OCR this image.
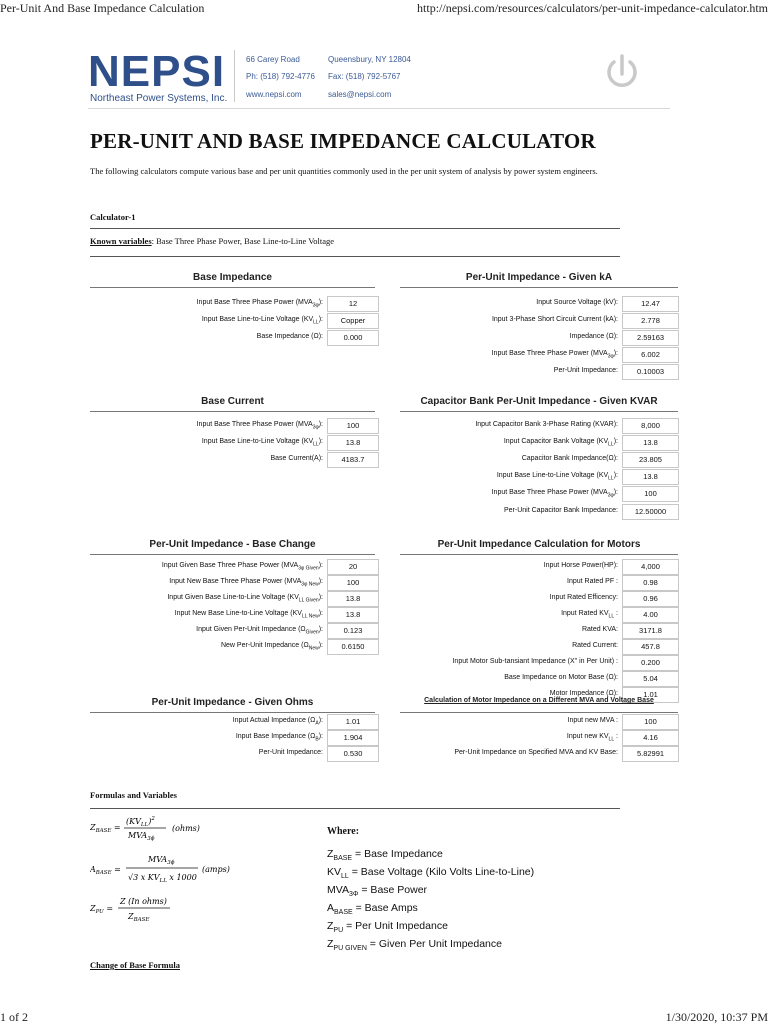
Per-Unit And Base Impedance Calculation	http://nepsi.com/resources/calculators/per-unit-impedance-calculator.htm
NEPSI
Northeast Power Systems, Inc.
66 Carey Road	Queensbury, NY 12804
Ph: (518) 792-4776 Fax: (518) 792-5767
www.nepsi.com	sales@nepsi.com
PER-UNIT AND BASE IMPEDANCE CALCULATOR
The following calculators compute various base and per unit quantities commonly used in the per unit system of analysis by power system engineers.
Calculator-1
Known variables: Base Three Phase Power, Base Line-to-Line Voltage
Base Impedance
Input Base Three Phase Power $(MVA_{3\varphi})$:	12
Input Base Line-to-Line Voltage $(KV_{LL})$:	Copper
Base Impedance (Ω):	0.000
Per-Unit Impedance - Given kA
Input Source Voltage (kV):	12.47
Input 3-Phase Short Circuit Current (kA):	2.778
Impedance (Ω):	2.59163
Input Base Three Phase Power $(MVA_{3\varphi})$:	6.002
Per-Unit Impedance:	0.10003
Base Current
Input Base Three Phase Power $(MVA_{3\varphi})$:	100
Input Base Line-to-Line Voltage $(KV_{LL})$:	13.8
Base Current(A):	4183.7
Capacitor Bank Per-Unit Impedance - Given KVAR
Input Capacitor Bank 3-Phase Rating (KVAR):	8,000
Input Capacitor Bank Voltage $(KV_{LL})$:	13.8
Capacitor Bank Impedance(Ω):	23.805
Input Base Line-to-Line Voltage $(KV_{LL})$:	13.8
Input Base Three Phase Power $(MVA_{3\varphi})$:	100
Per-Unit Capacitor Bank Impedance:	12.50000
Per-Unit Impedance - Base Change
Input Given Base Three Phase Power $(MVA_{3\varphi Given})$:	20
Input New Base Three Phase Power $(MVA_{3\varphi New})$:	100
Input Given Base Line-to-Line Voltage $(KV_{LL Given})$:	13.8
Input New Base Line-to-Line Voltage $(KV_{LL New})$:	13.8
Input Given Per-Unit Impedance $(\Omega_{Given})$:	0.123
New Per-Unit Impedance $(\Omega_{New})$:	0.6150
Per-Unit Impedance Calculation for Motors
Input Horse Power(HP):	4,000
Input Rated PF :	0.98
Input Rated Efficency:	0.96
Input Rated $KV_{LL}$ :	4.00
Rated KVA:	3171.8
Rated Current:	457.8
Input Motor Sub-tansiant Impedance (X" in Per Unit) :	0.200
Base Impedance on Motor Base (Ω):	5.04
Motor Impedance (Ω):	1.01
Per-Unit Impedance - Given Ohms
Input Actual Impedance $(\Omega_A)$:	1.01
Input Base Impedance $(\Omega_B)$:	1.904
Per-Unit Impedance:	0.530
Calculation of Motor Impedance on a Different MVA and Voltage Base
Input new MVA :	100
Input new $KV_{LL}$ :	4.16
Per-Unit Impedance on Specified MVA and KV Base:	5.82991
Formulas and Variables
$Z_{BASE}$ =
$(KV_{LL})^2$
$MVA_{3\phi}$
(ohms)	Where:
$A_{BASE}$ =
$MVA_{3\phi}$
√3 x $KV_{LL}$ x 1000
(amps)
$Z_{PU}$ =
Z (In ohms)
$Z_{BASE}$
$Z_{BASE}$ = Base Impedance
$KV_{LL}$ = Base Voltage (Kilo Volts Line-to-Line)
$MVA_{3\Phi}$ = Base Power
$A_{BASE}$ = Base Amps
$Z_{PU}$ = Per Unit Impedance
$Z_{PU GIVEN}$ = Given Per Unit Impedance
Change of Base Formula
1 of 2	1/30/2020, 10:37 PM
